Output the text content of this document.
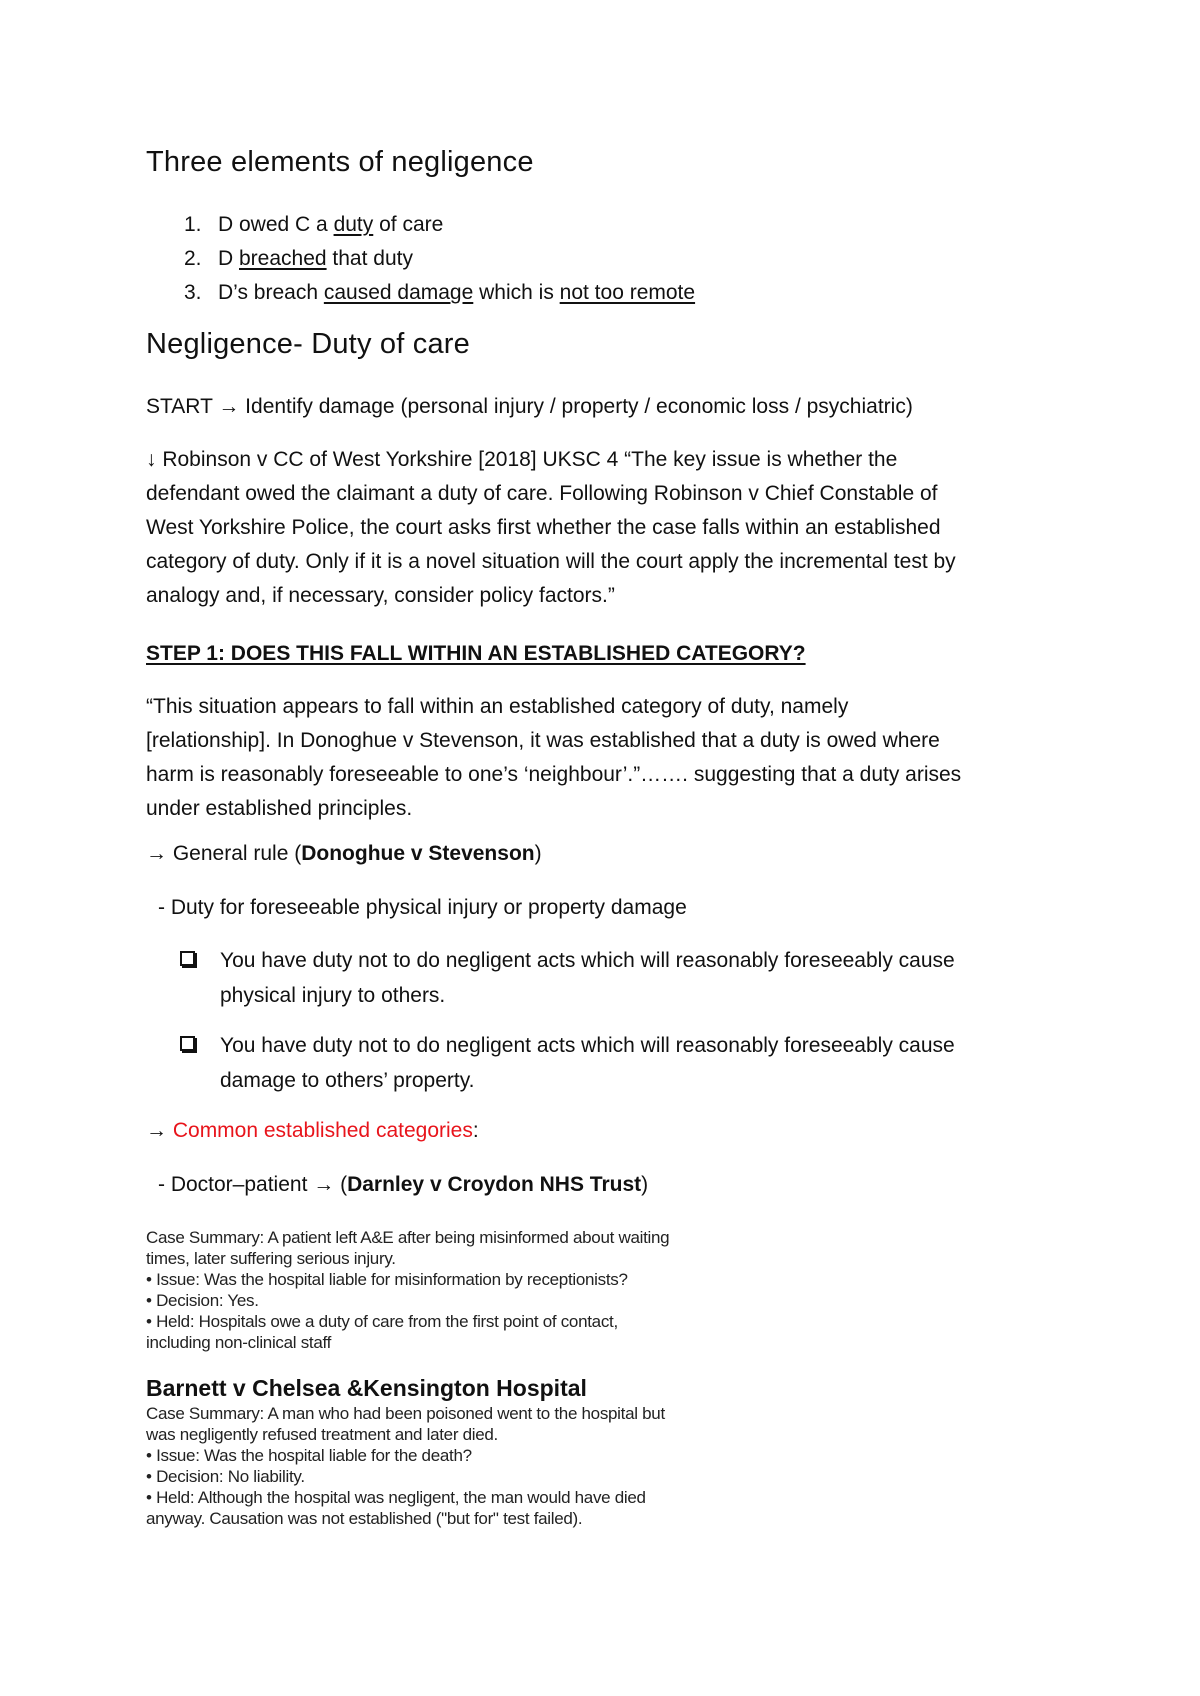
Three elements of negligence
1. D owed C a duty of care
2. D breached that duty
3. D’s breach caused damage which is not too remote
Negligence- Duty of care

START → Identify damage (personal injury / property / economic loss / psychiatric)

↓ Robinson v CC of West Yorkshire [2018] UKSC 4 “The key issue is whether the
defendant owed the claimant a duty of care. Following Robinson v Chief Constable of
West Yorkshire Police, the court asks first whether the case falls within an established
category of duty. Only if it is a novel situation will the court apply the incremental test by
analogy and, if necessary, consider policy factors.”

STEP 1: DOES THIS FALL WITHIN AN ESTABLISHED CATEGORY?

“This situation appears to fall within an established category of duty, namely
[relationship]. In Donoghue v Stevenson, it was established that a duty is owed where
harm is reasonably foreseeable to one’s ‘neighbour’.”……. suggesting that a duty arises
under established principles.

→ General rule (Donoghue v Stevenson)

- Duty for foreseeable physical injury or property damage

You have duty not to do negligent acts which will reasonably foreseeably cause
physical injury to others.
You have duty not to do negligent acts which will reasonably foreseeably cause
damage to others’ property.

→ Common established categories:

- Doctor–patient → (Darnley v Croydon NHS Trust)

Case Summary: A patient left A&E after being misinformed about waiting
times, later suffering serious injury.
• Issue: Was the hospital liable for misinformation by receptionists?
• Decision: Yes.
• Held: Hospitals owe a duty of care from the first point of contact,
including non-clinical staff
Barnett v Chelsea &Kensington Hospital
Case Summary: A man who had been poisoned went to the hospital but
was negligently refused treatment and later died.
• Issue: Was the hospital liable for the death?
• Decision: No liability.
• Held: Although the hospital was negligent, the man would have died
anyway. Causation was not established ("but for" test failed).
